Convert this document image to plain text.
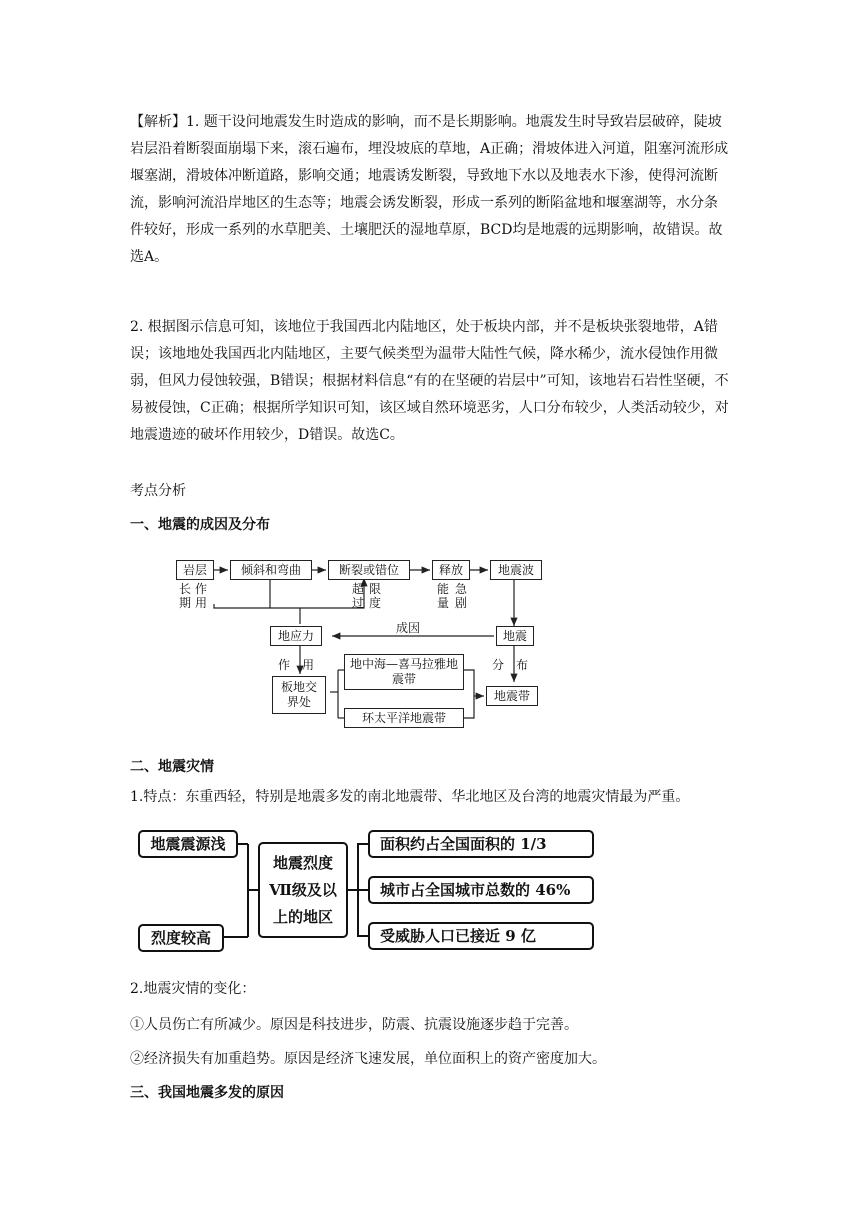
【解析】1. 题干设问地震发生时造成的影响，而不是长期影响。地震发生时导致岩层破碎，陡坡岩层沿着断裂面崩塌下来，滚石遍布，埋没坡底的草地，A正确；滑坡体进入河道，阻塞河流形成堰塞湖，滑坡体冲断道路，影响交通；地震诱发断裂，导致地下水以及地表水下渗，使得河流断流，影响河流沿岸地区的生态等；地震会诱发断裂，形成一系列的断陷盆地和堰塞湖等，水分条件较好，形成一系列的水草肥美、土壤肥沃的湿地草原，BCD均是地震的远期影响，故错误。故选A。

2. 根据图示信息可知，该地位于我国西北内陆地区，处于板块内部，并不是板块张裂地带，A错误；该地地处我国西北内陆地区，主要气候类型为温带大陆性气候，降水稀少，流水侵蚀作用微弱，但风力侵蚀较强，B错误；根据材料信息“有的在坚硬的岩层中”可知，该地岩石岩性坚硬，不易被侵蚀，C正确；根据所学知识可知，该区域自然环境恶劣，人口分布较少，人类活动较少，对地震遗迹的破坏作用较少，D错误。故选C。

考点分析

一、地震的成因及分布

岩层	倾斜和弯曲	断裂或错位	释放	地震波
地应力	地震
板地交界处
地中海—喜马拉雅地震带
环太平洋地震带
地震带
长期
作用
超过
限度
能量
急剧
成因
作　用	分　布

二、地震灾情

1.特点：东重西轻，特别是地震多发的南北地震带、华北地区及台湾的地震灾情最为严重。

地震震源浅
烈度较高
地震烈度Ⅶ级及以上的地区
面积约占全国面积的 1/3
城市占全国城市总数的 46%
受威胁人口已接近 9 亿

2.地震灾情的变化：

①人员伤亡有所减少。原因是科技进步，防震、抗震设施逐步趋于完善。

②经济损失有加重趋势。原因是经济飞速发展，单位面积上的资产密度加大。

三、我国地震多发的原因
